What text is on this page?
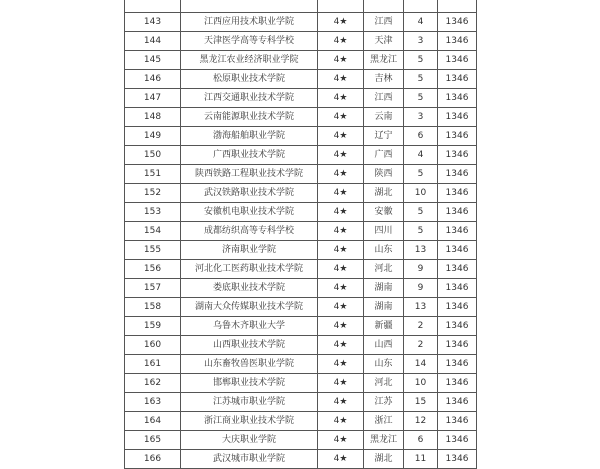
143	江西应用技术职业学院	4★	江西	4	1346
144	天津医学高等专科学校	4★	天津	3	1346
145	黑龙江农业经济职业学院	4★	黑龙江	5	1346
146	松原职业技术学院	4★	吉林	5	1346
147	江西交通职业技术学院	4★	江西	5	1346
148	云南能源职业技术学院	4★	云南	3	1346
149	渤海船舶职业学院	4★	辽宁	6	1346
150	广西职业技术学院	4★	广西	4	1346
151	陕西铁路工程职业技术学院	4★	陕西	5	1346
152	武汉铁路职业技术学院	4★	湖北	10	1346
153	安徽机电职业技术学院	4★	安徽	5	1346
154	成都纺织高等专科学校	4★	四川	5	1346
155	济南职业学院	4★	山东	13	1346
156	河北化工医药职业技术学院	4★	河北	9	1346
157	娄底职业技术学院	4★	湖南	9	1346
158	湖南大众传媒职业技术学院	4★	湖南	13	1346
159	乌鲁木齐职业大学	4★	新疆	2	1346
160	山西职业技术学院	4★	山西	2	1346
161	山东畜牧兽医职业学院	4★	山东	14	1346
162	邯郸职业技术学院	4★	河北	10	1346
163	江苏城市职业学院	4★	江苏	15	1346
164	浙江商业职业技术学院	4★	浙江	12	1346
165	大庆职业学院	4★	黑龙江	6	1346
166	武汉城市职业学院	4★	湖北	11	1346
